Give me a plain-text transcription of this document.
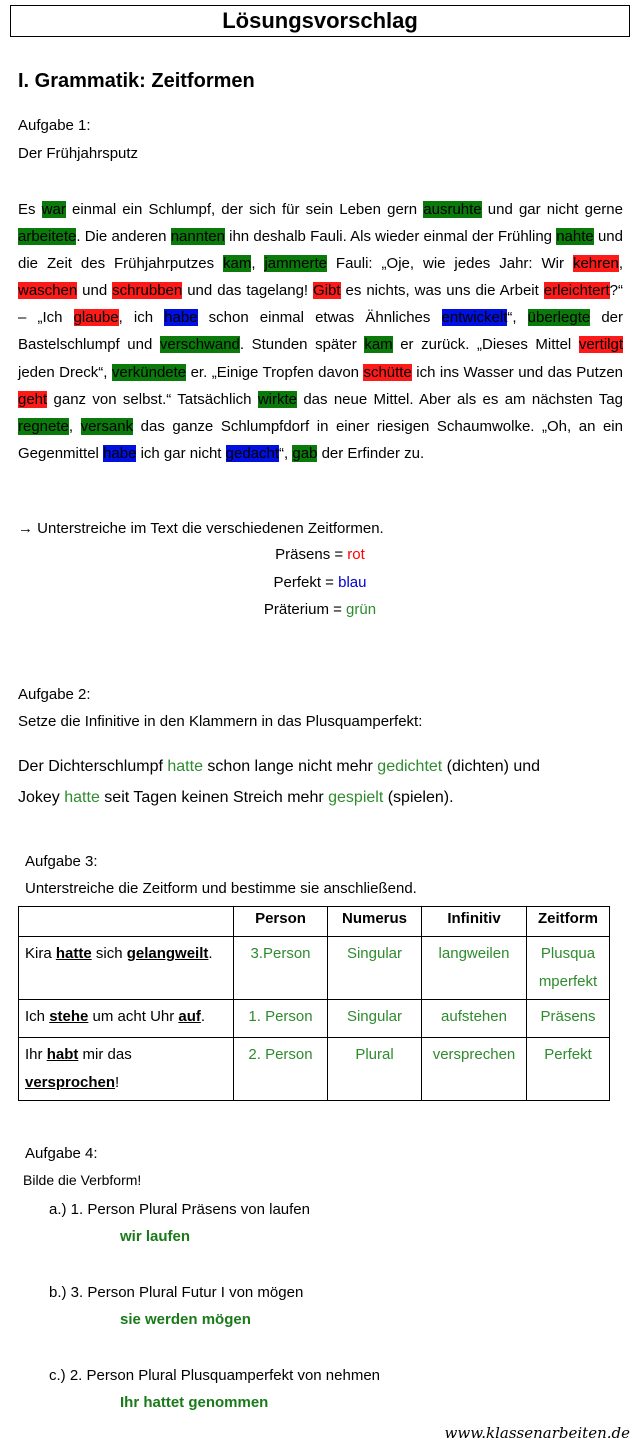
Lösungsvorschlag
I. Grammatik: Zeitformen
Aufgabe 1:
Der Frühjahrsputz
Es war einmal ein Schlumpf, der sich für sein Leben gern ausruhte und gar nicht gerne arbeitete. Die anderen nannten ihn deshalb Fauli. Als wieder einmal der Frühling nahte und die Zeit des Frühjahrputzes kam, jammerte Fauli: „Oje, wie jedes Jahr: Wir kehren, waschen und schrubben und das tagelang! Gibt es nichts, was uns die Arbeit erleichtert?“ – „Ich glaube, ich habe schon einmal etwas Ähnliches entwickelt“, überlegte der Bastelschlumpf und verschwand. Stunden später kam er zurück. „Dieses Mittel vertilgt jeden Dreck“, verkündete er. „Einige Tropfen davon schütte ich ins Wasser und das Putzen geht ganz von selbst.“ Tatsächlich wirkte das neue Mittel. Aber als es am nächsten Tag regnete, versank das ganze Schlumpfdorf in einer riesigen Schaumwolke. „Oh, an ein Gegenmittel habe ich gar nicht gedacht“, gab der Erfinder zu.
→ Unterstreiche im Text die verschiedenen Zeitformen.
Präsens = rot
Perfekt = blau
Präterium = grün
Aufgabe 2:
Setze die Infinitive in den Klammern in das Plusquamperfekt:
Der Dichterschlumpf hatte schon lange nicht mehr gedichtet (dichten) und
Jokey hatte seit Tagen keinen Streich mehr gespielt (spielen).
Aufgabe 3:
Unterstreiche die Zeitform und bestimme sie anschließend.
	Person	Numerus	Infinitiv	Zeitform
Kira hatte sich gelangweilt.	3.Person	Singular	langweilen	Plusqua mperfekt
Ich stehe um acht Uhr auf.	1. Person	Singular	aufstehen	Präsens
Ihr habt mir das versprochen!	2. Person	Plural	versprechen	Perfekt
Aufgabe 4:
Bilde die Verbform!
a.) 1. Person Plural Präsens von laufen
wir laufen
b.) 3. Person Plural Futur I von mögen
sie werden mögen
c.) 2. Person Plural Plusquamperfekt von nehmen
Ihr hattet genommen
www.klassenarbeiten.de
